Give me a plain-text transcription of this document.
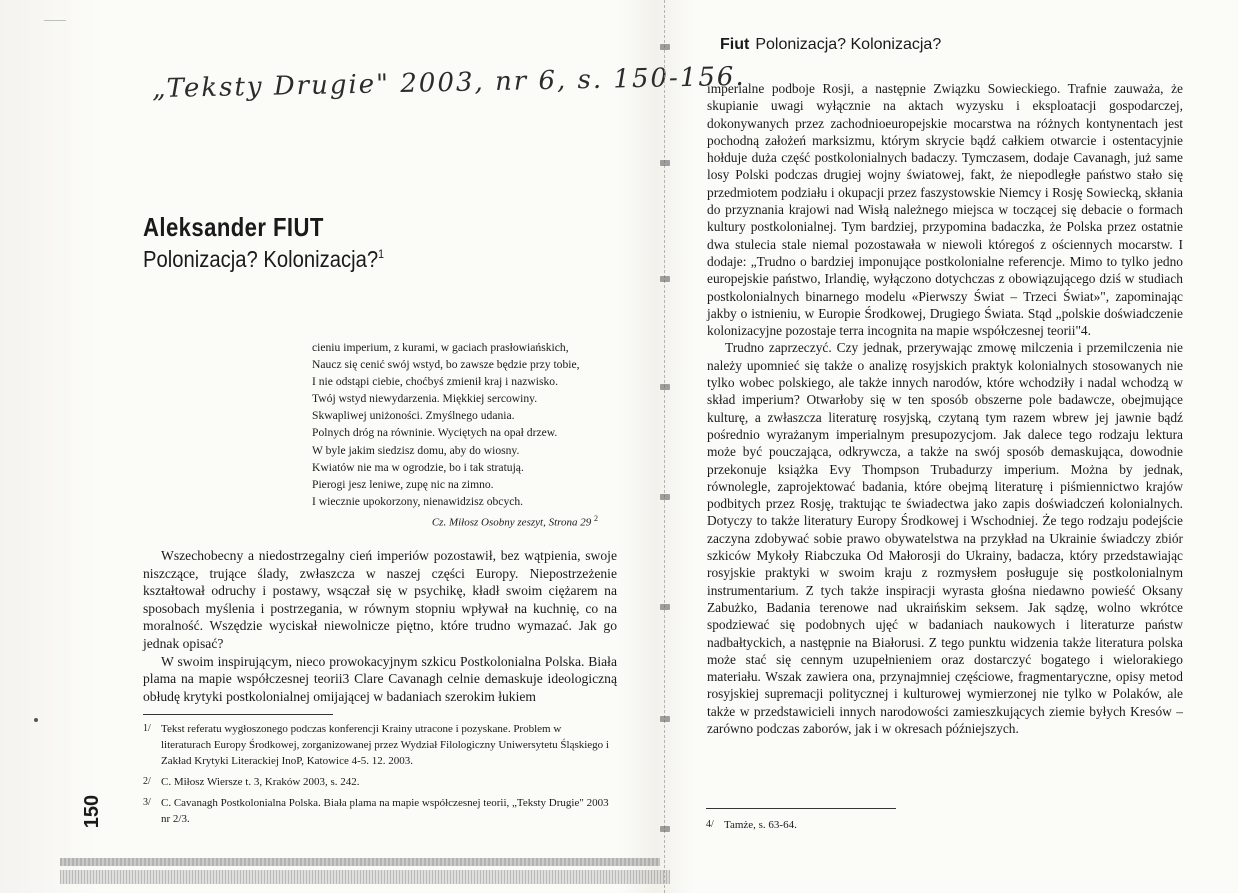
„Teksty Drugie" 2003, nr 6, s. 150-156.
Aleksander FIUT
Polonizacja? Kolonizacja?$^1$
cieniu imperium, z kurami, w gaciach prasłowiańskich,
Naucz się cenić swój wstyd, bo zawsze będzie przy tobie,
I nie odstąpi ciebie, choćbyś zmienił kraj i nazwisko.
Twój wstyd niewydarzenia. Miękkiej sercowiny.
Skwapliwej uniżoności. Zmyślnego udania.
Polnych dróg na równinie. Wyciętych na opał drzew.
W byle jakim siedzisz domu, aby do wiosny.
Kwiatów nie ma w ogrodzie, bo i tak stratują.
Pierogi jesz leniwe, zupę nic na zimno.
I wiecznie upokorzony, nienawidzisz obcych.
Cz. Miłosz Osobny zeszyt, Strona 29 $^2$

Wszechobecny a niedostrzegalny cień imperiów pozostawił, bez wątpienia, swoje niszczące, trujące ślady, zwłaszcza w naszej części Europy. Niepostrzeżenie kształtował odruchy i postawy, wsączał się w psychikę, kładł swoim ciężarem na sposobach myślenia i postrzegania, w równym stopniu wpływał na kuchnię, co na moralność. Wszędzie wyciskał niewolnicze piętno, które trudno wymazać. Jak go jednak opisać?

W swoim inspirującym, nieco prowokacyjnym szkicu Postkolonialna Polska. Biała plama na mapie współczesnej teorii3 Clare Cavanagh celnie demaskuje ideologiczną obłudę krytyki postkolonialnej omijającej w badaniach szerokim łukiem

1/ Tekst referatu wygłoszonego podczas konferencji Krainy utracone i pozyskane. Problem w literaturach Europy Środkowej, zorganizowanej przez Wydział Filologiczny Uniwersytetu Śląskiego i Zakład Krytyki Literackiej InoP, Katowice 4-5. 12. 2003.
2/ C. Miłosz Wiersze t. 3, Kraków 2003, s. 242.
3/ C. Cavanagh Postkolonialna Polska. Biała plama na mapie współczesnej teorii, „Teksty Drugie" 2003 nr 2/3.
150
Fiut Polonizacja? Kolonizacja?

imperialne podboje Rosji, a następnie Związku Sowieckiego. Trafnie zauważa, że skupianie uwagi wyłącznie na aktach wyzysku i eksploatacji gospodarczej, dokonywanych przez zachodnioeuropejskie mocarstwa na różnych kontynentach jest pochodną założeń marksizmu, którym skrycie bądź całkiem otwarcie i ostentacyjnie hołduje duża część postkolonialnych badaczy. Tymczasem, dodaje Cavanagh, już same losy Polski podczas drugiej wojny światowej, fakt, że niepodległe państwo stało się przedmiotem podziału i okupacji przez faszystowskie Niemcy i Rosję Sowiecką, skłania do przyznania krajowi nad Wisłą należnego miejsca w toczącej się debacie o formach kultury postkolonialnej. Tym bardziej, przypomina badaczka, że Polska przez ostatnie dwa stulecia stale niemal pozostawała w niewoli któregoś z ościennych mocarstw. I dodaje: „Trudno o bardziej imponujące postkolonialne referencje. Mimo to tylko jedno europejskie państwo, Irlandię, wyłączono dotychczas z obowiązującego dziś w studiach postkolonialnych binarnego modelu «Pierwszy Świat – Trzeci Świat»", zapominając jakby o istnieniu, w Europie Środkowej, Drugiego Świata. Stąd „polskie doświadczenie kolonizacyjne pozostaje terra incognita na mapie współczesnej teorii"4.

Trudno zaprzeczyć. Czy jednak, przerywając zmowę milczenia i przemilczenia nie należy upomnieć się także o analizę rosyjskich praktyk kolonialnych stosowanych nie tylko wobec polskiego, ale także innych narodów, które wchodziły i nadal wchodzą w skład imperium? Otwarłoby się w ten sposób obszerne pole badawcze, obejmujące kulturę, a zwłaszcza literaturę rosyjską, czytaną tym razem wbrew jej jawnie bądź pośrednio wyrażanym imperialnym presupozycjom. Jak dalece tego rodzaju lektura może być pouczająca, odkrywcza, a także na swój sposób demaskująca, dowodnie przekonuje książka Evy Thompson Trubadurzy imperium. Można by jednak, równolegle, zaprojektować badania, które obejmą literaturę i piśmiennictwo krajów podbitych przez Rosję, traktując te świadectwa jako zapis doświadczeń kolonialnych. Dotyczy to także literatury Europy Środkowej i Wschodniej. Że tego rodzaju podejście zaczyna zdobywać sobie prawo obywatelstwa na przykład na Ukrainie świadczy zbiór szkiców Mykoły Riabczuka Od Małorosji do Ukrainy, badacza, który przedstawiając rosyjskie praktyki w swoim kraju z rozmysłem posługuje się postkolonialnym instrumentarium. Z tych także inspiracji wyrasta głośna niedawno powieść Oksany Zabużko, Badania terenowe nad ukraińskim seksem. Jak sądzę, wolno wkrótce spodziewać się podobnych ujęć w badaniach naukowych i literaturze państw nadbałtyckich, a następnie na Białorusi. Z tego punktu widzenia także literatura polska może stać się cennym uzupełnieniem oraz dostarczyć bogatego i wielorakiego materiału. Wszak zawiera ona, przynajmniej częściowe, fragmentaryczne, opisy metod rosyjskiej supremacji politycznej i kulturowej wymierzonej nie tylko w Polaków, ale także w przedstawicieli innych narodowości zamieszkujących ziemie byłych Kresów – zarówno podczas zaborów, jak i w okresach późniejszych.

4/ Tamże, s. 63-64.
